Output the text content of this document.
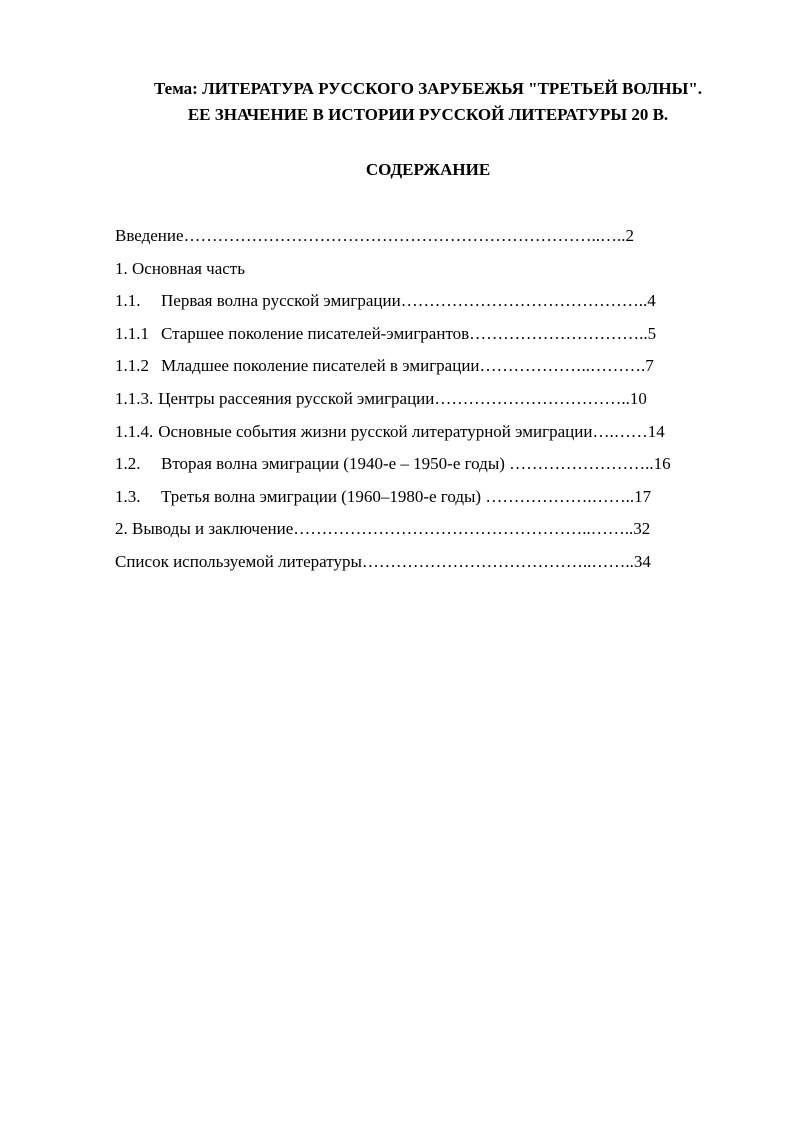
Тема: ЛИТЕРАТУРА РУССКОГО ЗАРУБЕЖЬЯ "ТРЕТЬЕЙ ВОЛНЫ".
ЕЕ ЗНАЧЕНИЕ В ИСТОРИИ РУССКОЙ ЛИТЕРАТУРЫ 20 В.
СОДЕРЖАНИЕ
Введение………………………………………………………………..…..2
1. Основная часть
1.1. Первая волна русской эмиграции……………………………………..4
1.1.1 Старшее поколение писателей-эмигрантов…………………………..5
1.1.2 Младшее поколение писателей в эмиграции………………..……….7
1.1.3. Центры рассеяния русской эмиграции……………………………..10
1.1.4. Основные события жизни русской литературной эмиграции….……14
1.2. Вторая волна эмиграции (1940-е – 1950-е годы) ……………………..16
1.3. Третья волна эмиграции (1960–1980-е годы) ……………….……..17
2. Выводы и заключение……………………………………………..……..32
Список используемой литературы…………………………………..……..34
